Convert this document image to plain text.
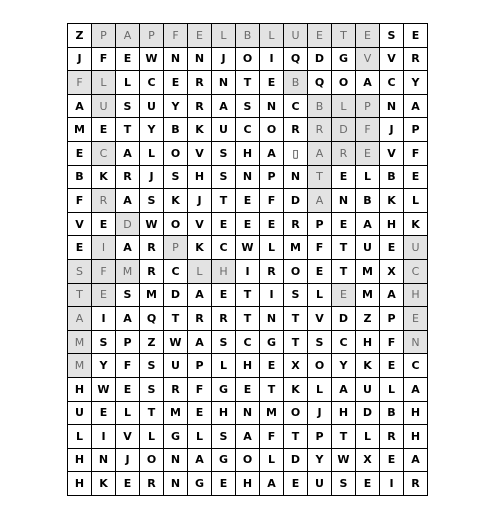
Z	P	A	P	F	E	L	B	L	U	E	T	E	S	E
J	F	E	W	N	N	J	O	I	Q	D	G	V	V	R
F	L	L	C	E	R	N	T	E	B	Q	O	A	C	Y
A	U	S	U	Y	R	A	S	N	C	B	L	P	N	A
M	E	T	Y	B	K	U	C	O	R	R	D	F	J	P
E	C	A	L	O	V	S	H	A	▯	A	R	E	V	F
B	K	R	J	S	H	S	N	P	N	T	E	L	B	E
F	R	A	S	K	J	T	E	F	D	A	N	B	K	L
V	E	D	W	O	V	E	E	E	R	P	E	A	H	K
E	I	A	R	P	K	C	W	L	M	F	T	U	E	U
S	F	M	R	C	L	H	I	R	O	E	T	M	X	C
T	E	S	M	D	A	E	T	I	S	L	E	M	A	H
A	I	A	Q	T	R	R	T	N	T	V	D	Z	P	E
M	S	P	Z	W	A	S	C	G	T	S	C	H	F	N
M	Y	F	S	U	P	L	H	E	X	O	Y	K	E	C
H	W	E	S	R	F	G	E	T	K	L	A	U	L	A
U	E	L	T	M	E	H	N	M	O	J	H	D	B	H
L	I	V	L	G	L	S	A	F	T	P	T	L	R	H
H	N	J	O	N	A	G	O	L	D	Y	W	X	E	A
H	K	E	R	N	G	E	H	A	E	U	S	E	I	R
